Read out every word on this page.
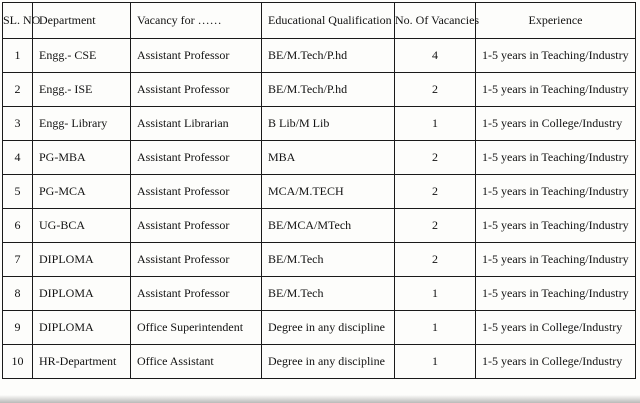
SL. NO	Department	Vacancy for ……	Educational Qualification	No. Of Vacancies	Experience
1	Engg.- CSE	Assistant Professor	BE/M.Tech/P.hd	4	1-5 years in Teaching/Industry
2	Engg.- ISE	Assistant Professor	BE/M.Tech/P.hd	2	1-5 years in Teaching/Industry
3	Engg- Library	Assistant Librarian	B Lib/M Lib	1	1-5 years in College/Industry
4	PG-MBA	Assistant Professor	MBA	2	1-5 years in Teaching/Industry
5	PG-MCA	Assistant Professor	MCA/M.TECH	2	1-5 years in Teaching/Industry
6	UG-BCA	Assistant Professor	BE/MCA/MTech	2	1-5 years in Teaching/Industry
7	DIPLOMA	Assistant Professor	BE/M.Tech	2	1-5 years in Teaching/Industry
8	DIPLOMA	Assistant Professor	BE/M.Tech	1	1-5 years in Teaching/Industry
9	DIPLOMA	Office Superintendent	Degree in any discipline	1	1-5 years in College/Industry
10	HR-Department	Office Assistant	Degree in any discipline	1	1-5 years in College/Industry
